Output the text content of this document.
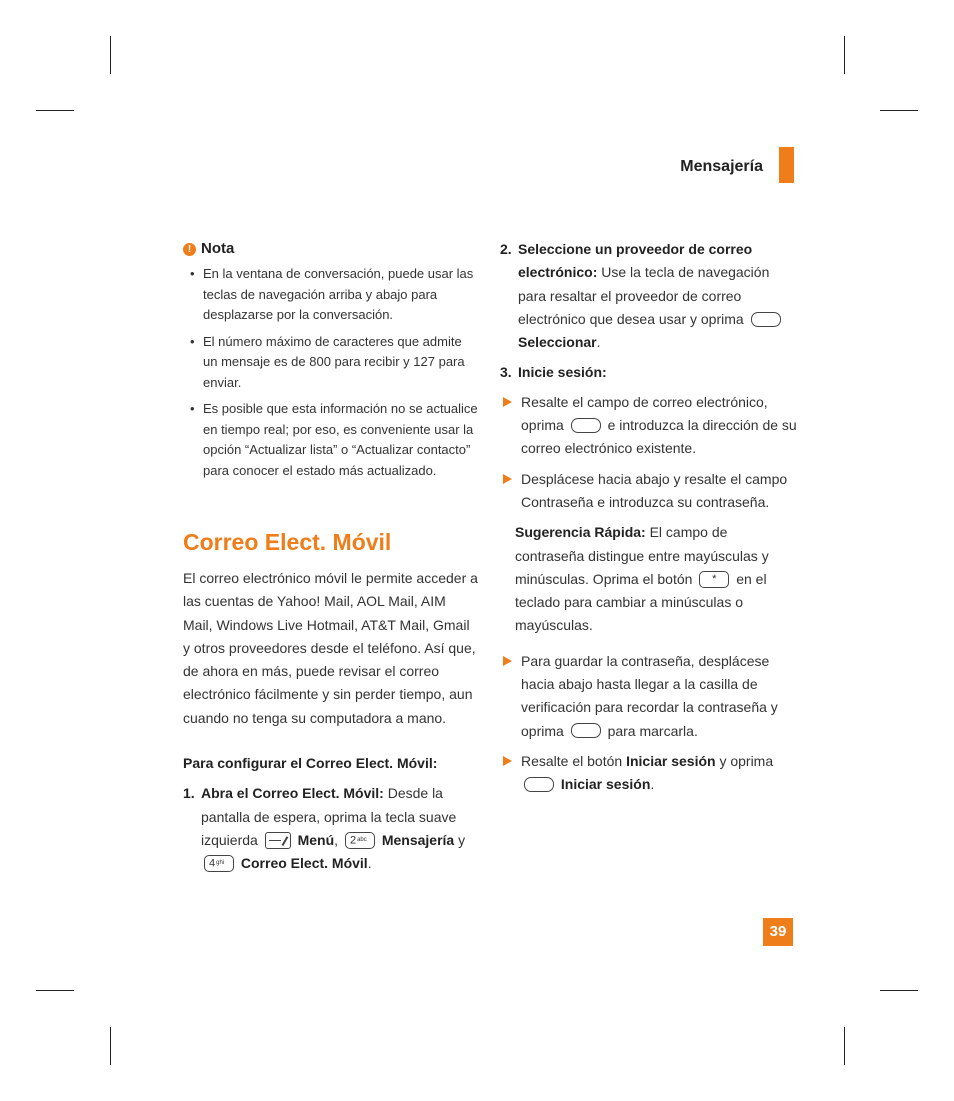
Mensajería
! Nota
• En la ventana de conversación, puede usar las teclas de navegación arriba y abajo para desplazarse por la conversación.
• El número máximo de caracteres que admite un mensaje es de 800 para recibir y 127 para enviar.
• Es posible que esta información no se actualice en tiempo real; por eso, es conveniente usar la opción “Actualizar lista” o “Actualizar contacto” para conocer el estado más actualizado.
Correo Elect. Móvil

El correo electrónico móvil le permite acceder a las cuentas de Yahoo! Mail, AOL Mail, AIM Mail, Windows Live Hotmail, AT&T Mail, Gmail y otros proveedores desde el teléfono. Así que, de ahora en más, puede revisar el correo electrónico fácilmente y sin perder tiempo, aun cuando no tenga su computadora a mano.

Para configurar el Correo Elect. Móvil:

1. Abra el Correo Elect. Móvil: Desde la pantalla de espera, oprima la tecla suave izquierda	Menú, 2abc Mensajería y 4ghi Correo Elect. Móvil.

2. Seleccione un proveedor de correo electrónico: Use la tecla de navegación para resaltar el proveedor de correo electrónico que desea usar y oprima  Seleccionar.

3. Inicie sesión:

Resalte el campo de correo electrónico, oprima	e introduzca la dirección de su correo electrónico existente.
Desplácese hacia abajo y resalte el campo Contraseña e introduzca su contraseña.

Sugerencia Rápida: El campo de contraseña distingue entre mayúsculas y minúsculas. Oprima el botón * en el teclado para cambiar a minúsculas o mayúsculas.

Para guardar la contraseña, desplácese hacia abajo hasta llegar a la casilla de verificación para recordar la contraseña y oprima	para marcarla.
Resalte el botón Iniciar sesión y oprima  Iniciar sesión.
39
